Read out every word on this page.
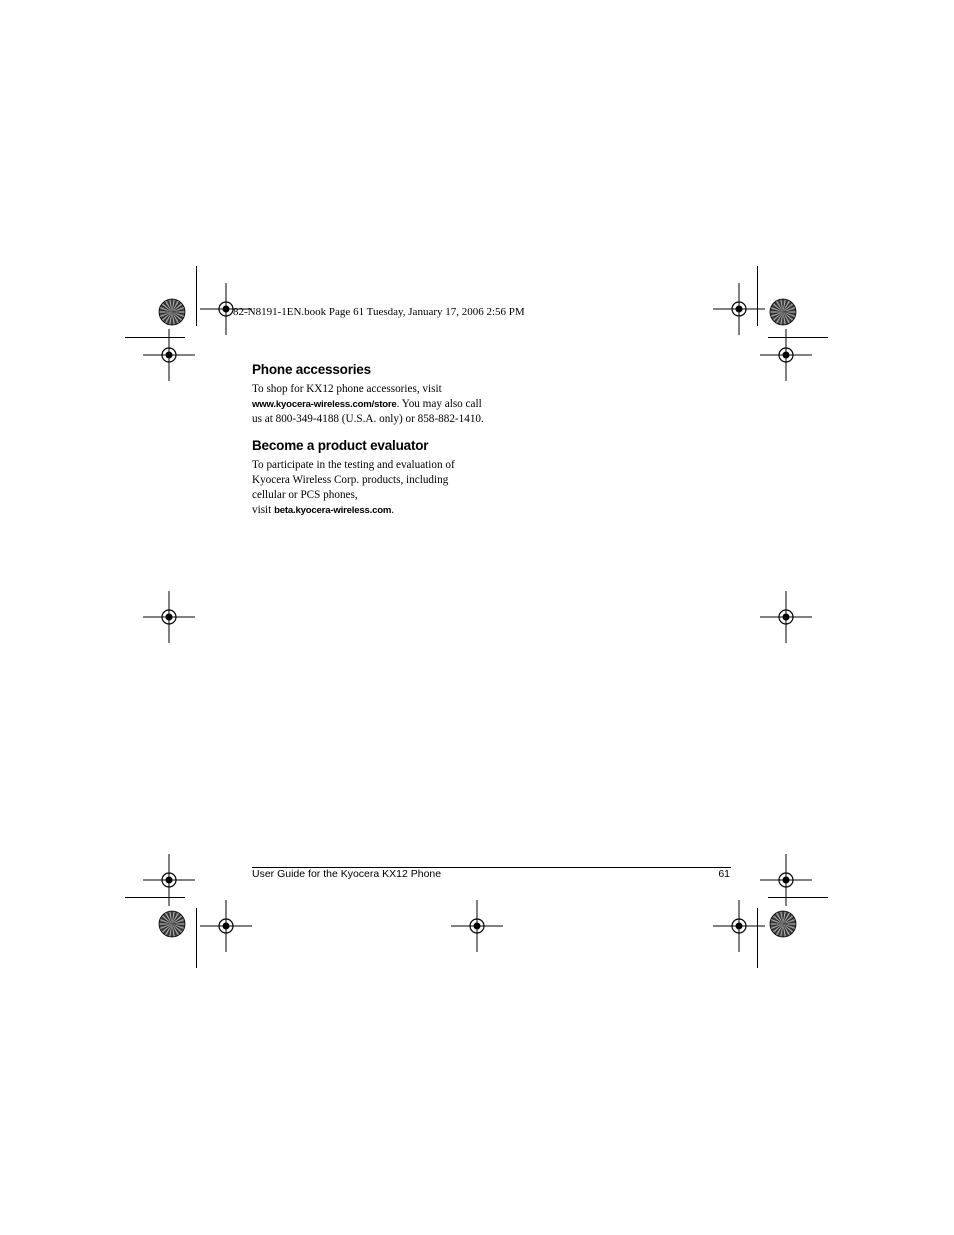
82-N8191-1EN.book Page 61 Tuesday, January 17, 2006 2:56 PM
Phone accessories

To shop for KX12 phone accessories, visit
www.kyocera-wireless.com/store. You may also call us at 800-349-4188 (U.S.A. only) or 858-882-1410.

Become a product evaluator

To participate in the testing and evaluation of Kyocera Wireless Corp. products, including cellular or PCS phones,
visit beta.kyocera-wireless.com.

User Guide for the Kyocera KX12 Phone	61
